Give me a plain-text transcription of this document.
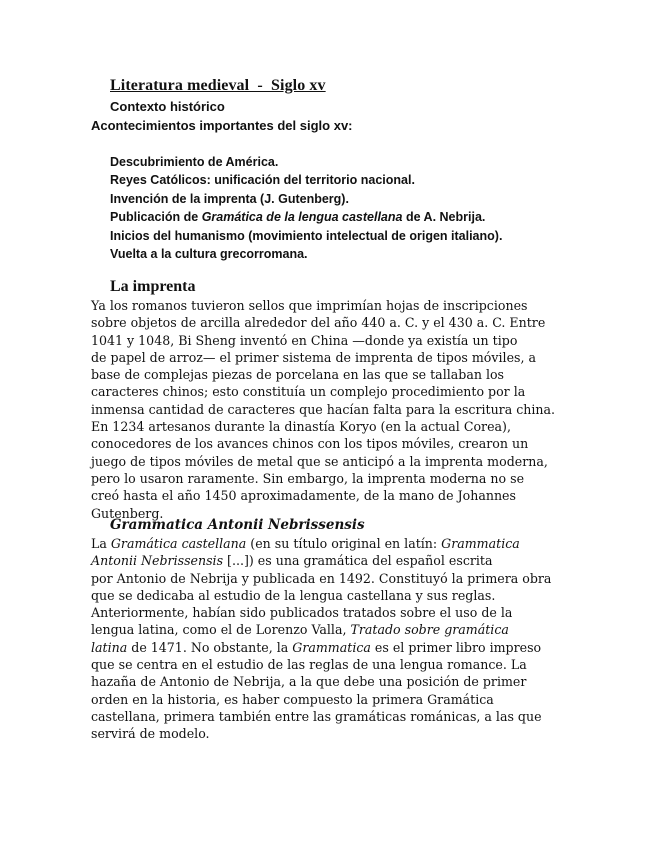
Literatura medieval  -  Siglo xv
Contexto histórico
Acontecimientos importantes del siglo xv:
Descubrimiento de América.
Reyes Católicos: unificación del territorio nacional.
Invención de la imprenta (J. Gutenberg).
Publicación de Gramática de la lengua castellana de A. Nebrija.
Inicios del humanismo (movimiento intelectual de origen italiano).
Vuelta a la cultura grecorromana.
La imprenta

Ya los romanos tuvieron sellos que imprimían hojas de inscripciones
sobre objetos de arcilla alrededor del año 440 a. C. y el 430 a. C. Entre
1041 y 1048, Bi Sheng inventó en China —donde ya existía un tipo
de papel de arroz— el primer sistema de imprenta de tipos móviles, a
base de complejas piezas de porcelana en las que se tallaban los
caracteres chinos; esto constituía un complejo procedimiento por la
inmensa cantidad de caracteres que hacían falta para la escritura china.
En 1234 artesanos durante la dinastía Koryo (en la actual Corea),
conocedores de los avances chinos con los tipos móviles, crearon un
juego de tipos móviles de metal que se anticipó a la imprenta moderna,
pero lo usaron raramente. Sin embargo, la imprenta moderna no se
creó hasta el año 1450 aproximadamente, de la mano de Johannes
Gutenberg.

Grammatica Antonii Nebrissensis

La Gramática castellana (en su título original en latín: Grammatica
Antonii Nebrissensis [...]) es una gramática del español escrita
por Antonio de Nebrija y publicada en 1492. Constituyó la primera obra
que se dedicaba al estudio de la lengua castellana y sus reglas.
Anteriormente, habían sido publicados tratados sobre el uso de la
lengua latina, como el de Lorenzo Valla, Tratado sobre gramática
latina de 1471. No obstante, la Grammatica es el primer libro impreso
que se centra en el estudio de las reglas de una lengua romance. La
hazaña de Antonio de Nebrija, a la que debe una posición de primer
orden en la historia, es haber compuesto la primera Gramática
castellana, primera también entre las gramáticas románicas, a las que
servirá de modelo.
